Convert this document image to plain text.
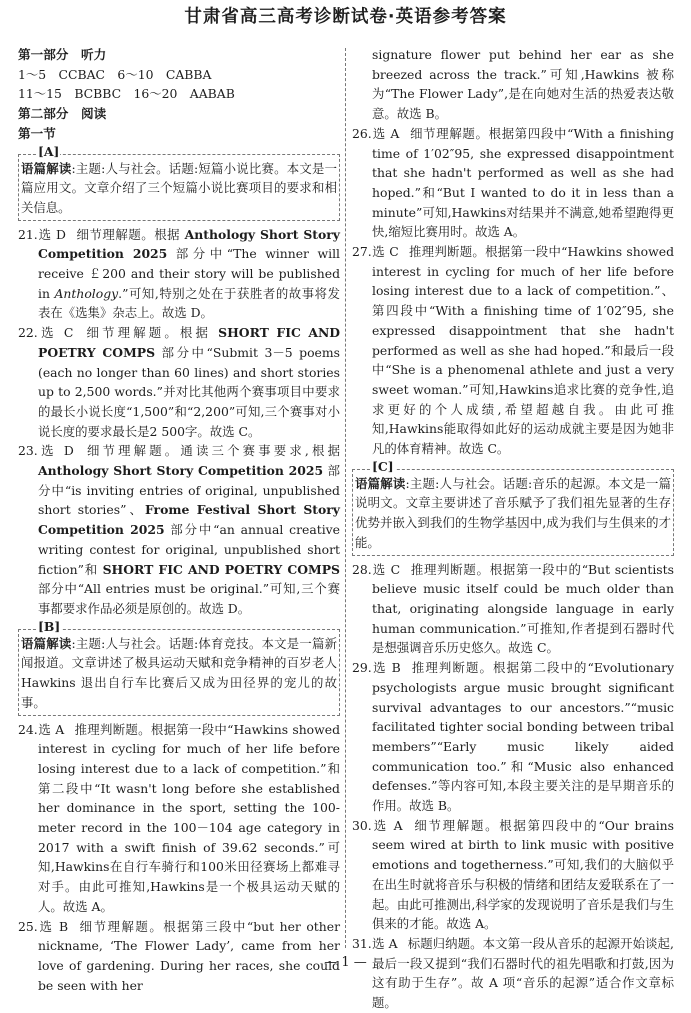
甘肃省高三高考诊断试卷·英语参考答案
第一部分　听力
1～5　CCBAC　6～10　CABBA
11～15　BCBBC　16～20　AABAB
第二部分　阅读
第一节
[A]
语篇解读:主题:人与社会。话题:短篇小说比赛。本文是一篇应用文。文章介绍了三个短篇小说比赛项目的要求和相关信息。
21.选 D 细节理解题。根据 Anthology Short Story Competition 2025 部分中“The winner will receive ￡200 and their story will be published in Anthology.”可知,特别之处在于获胜者的故事将发表在《选集》杂志上。故选 D。
22.选 C 细节理解题。根据 SHORT FIC AND POETRY COMPS 部分中“Submit 3－5 poems (each no longer than 60 lines) and short stories up to 2,500 words.”并对比其他两个赛事项目中要求的最长小说长度“1,500”和“2,200”可知,三个赛事对小说长度的要求最长是2 500字。故选 C。
23.选 D 细节理解题。通读三个赛事要求,根据 Anthology Short Story Competition 2025 部分中“is inviting entries of original, unpublished short stories”、Frome Festival Short Story Competition 2025 部分中“an annual creative writing contest for original, unpublished short fiction”和 SHORT FIC AND POETRY COMPS 部分中“All entries must be original.”可知,三个赛事都要求作品必须是原创的。故选 D。
[B]
语篇解读:主题:人与社会。话题:体育竞技。本文是一篇新闻报道。文章讲述了极具运动天赋和竞争精神的百岁老人 Hawkins 退出自行车比赛后又成为田径界的宠儿的故事。
24.选 A 推理判断题。根据第一段中“Hawkins showed interest in cycling for much of her life before losing interest due to a lack of competition.”和第二段中“It wasn't long before she established her dominance in the sport, setting the 100-meter record in the 100－104 age category in 2017 with a swift finish of 39.62 seconds.”可知,Hawkins在自行车骑行和100米田径赛场上都难寻对手。由此可推知,Hawkins是一个极具运动天赋的人。故选 A。
25.选 B 细节理解题。根据第三段中“but her other nickname, ‘The Flower Lady’, came from her love of gardening. During her races, she could be seen with her
signature flower put behind her ear as she breezed across the track.”可知,Hawkins 被称为“The Flower Lady”,是在向她对生活的热爱表达敬意。故选 B。
26.选 A 细节理解题。根据第四段中“With a finishing time of 1′02″95, she expressed disappointment that she hadn't performed as well as she had hoped.”和“But I wanted to do it in less than a minute”可知,Hawkins对结果并不满意,她希望跑得更快,缩短比赛用时。故选 A。
27.选 C 推理判断题。根据第一段中“Hawkins showed interest in cycling for much of her life before losing interest due to a lack of competition.”、第四段中“With a finishing time of 1′02″95, she expressed disappointment that she hadn't performed as well as she had hoped.”和最后一段中“She is a phenomenal athlete and just a very sweet woman.”可知,Hawkins追求比赛的竞争性,追求更好的个人成绩,希望超越自我。由此可推知,Hawkins能取得如此好的运动成就主要是因为她非凡的体育精神。故选 C。
[C]
语篇解读:主题:人与社会。话题:音乐的起源。本文是一篇说明文。文章主要讲述了音乐赋予了我们祖先显著的生存优势并嵌入到我们的生物学基因中,成为我们与生俱来的才能。
28.选 C 推理判断题。根据第一段中的“But scientists believe music itself could be much older than that, originating alongside language in early human communication.”可推知,作者提到石器时代是想强调音乐历史悠久。故选 C。
29.选 B 推理判断题。根据第二段中的“Evolutionary psychologists argue music brought significant survival advantages to our ancestors.”“music facilitated tighter social bonding between tribal members”“Early music likely aided communication too.”和“Music also enhanced defenses.”等内容可知,本段主要关注的是早期音乐的作用。故选 B。
30.选 A 细节理解题。根据第四段中的“Our brains seem wired at birth to link music with positive emotions and togetherness.”可知,我们的大脑似乎在出生时就将音乐与积极的情绪和团结友爱联系在了一起。由此可推测出,科学家的发现说明了音乐是我们与生俱来的才能。故选 A。
31.选 A 标题归纳题。本文第一段从音乐的起源开始谈起,最后一段又提到“我们石器时代的祖先唱歌和打鼓,因为这有助于生存”。故 A 项“音乐的起源”适合作文章标题。
— 1 —
